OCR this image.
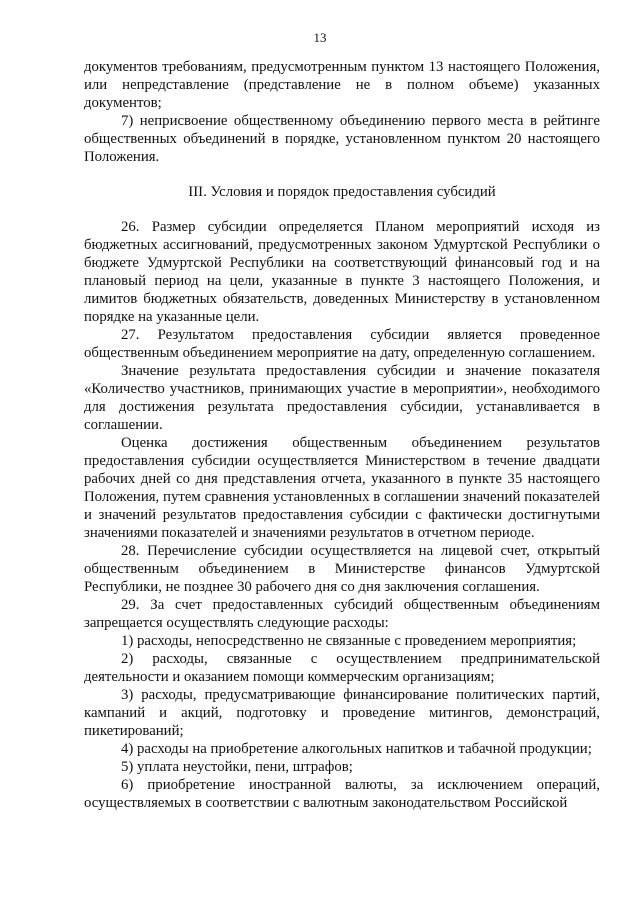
13

документов требованиям, предусмотренным пунктом 13 настоящего Положения, или непредставление (представление не в полном объеме) указанных документов;

7) неприсвоение общественному объединению первого места в рейтинге общественных объединений в порядке, установленном пунктом 20 настоящего Положения.

III. Условия и порядок предоставления субсидий

26. Размер субсидии определяется Планом мероприятий исходя из бюджетных ассигнований, предусмотренных законом Удмуртской Республики о бюджете Удмуртской Республики на соответствующий финансовый год и на плановый период на цели, указанные в пункте 3 настоящего Положения, и лимитов бюджетных обязательств, доведенных Министерству в установленном порядке на указанные цели.

27. Результатом предоставления субсидии является проведенное общественным объединением мероприятие на дату, определенную соглашением.

Значение результата предоставления субсидии и значение показателя «Количество участников, принимающих участие в мероприятии», необходимого для достижения результата предоставления субсидии, устанавливается в соглашении.

Оценка достижения общественным объединением результатов предоставления субсидии осуществляется Министерством в течение двадцати рабочих дней со дня представления отчета, указанного в пункте 35 настоящего Положения, путем сравнения установленных в соглашении значений показателей и значений результатов предоставления субсидии с фактически достигнутыми значениями показателей и значениями результатов в отчетном периоде.

28. Перечисление субсидии осуществляется на лицевой счет, открытый общественным объединением в Министерстве финансов Удмуртской Республики, не позднее 30 рабочего дня со дня заключения соглашения.

29. За счет предоставленных субсидий общественным объединениям запрещается осуществлять следующие расходы:

1) расходы, непосредственно не связанные с проведением мероприятия;

2) расходы, связанные с осуществлением предпринимательской деятельности и оказанием помощи коммерческим организациям;

3) расходы, предусматривающие финансирование политических партий, кампаний и акций, подготовку и проведение митингов, демонстраций, пикетирований;

4) расходы на приобретение алкогольных напитков и табачной продукции;

5) уплата неустойки, пени, штрафов;

6) приобретение иностранной валюты, за исключением операций, осуществляемых в соответствии с валютным законодательством Российской
